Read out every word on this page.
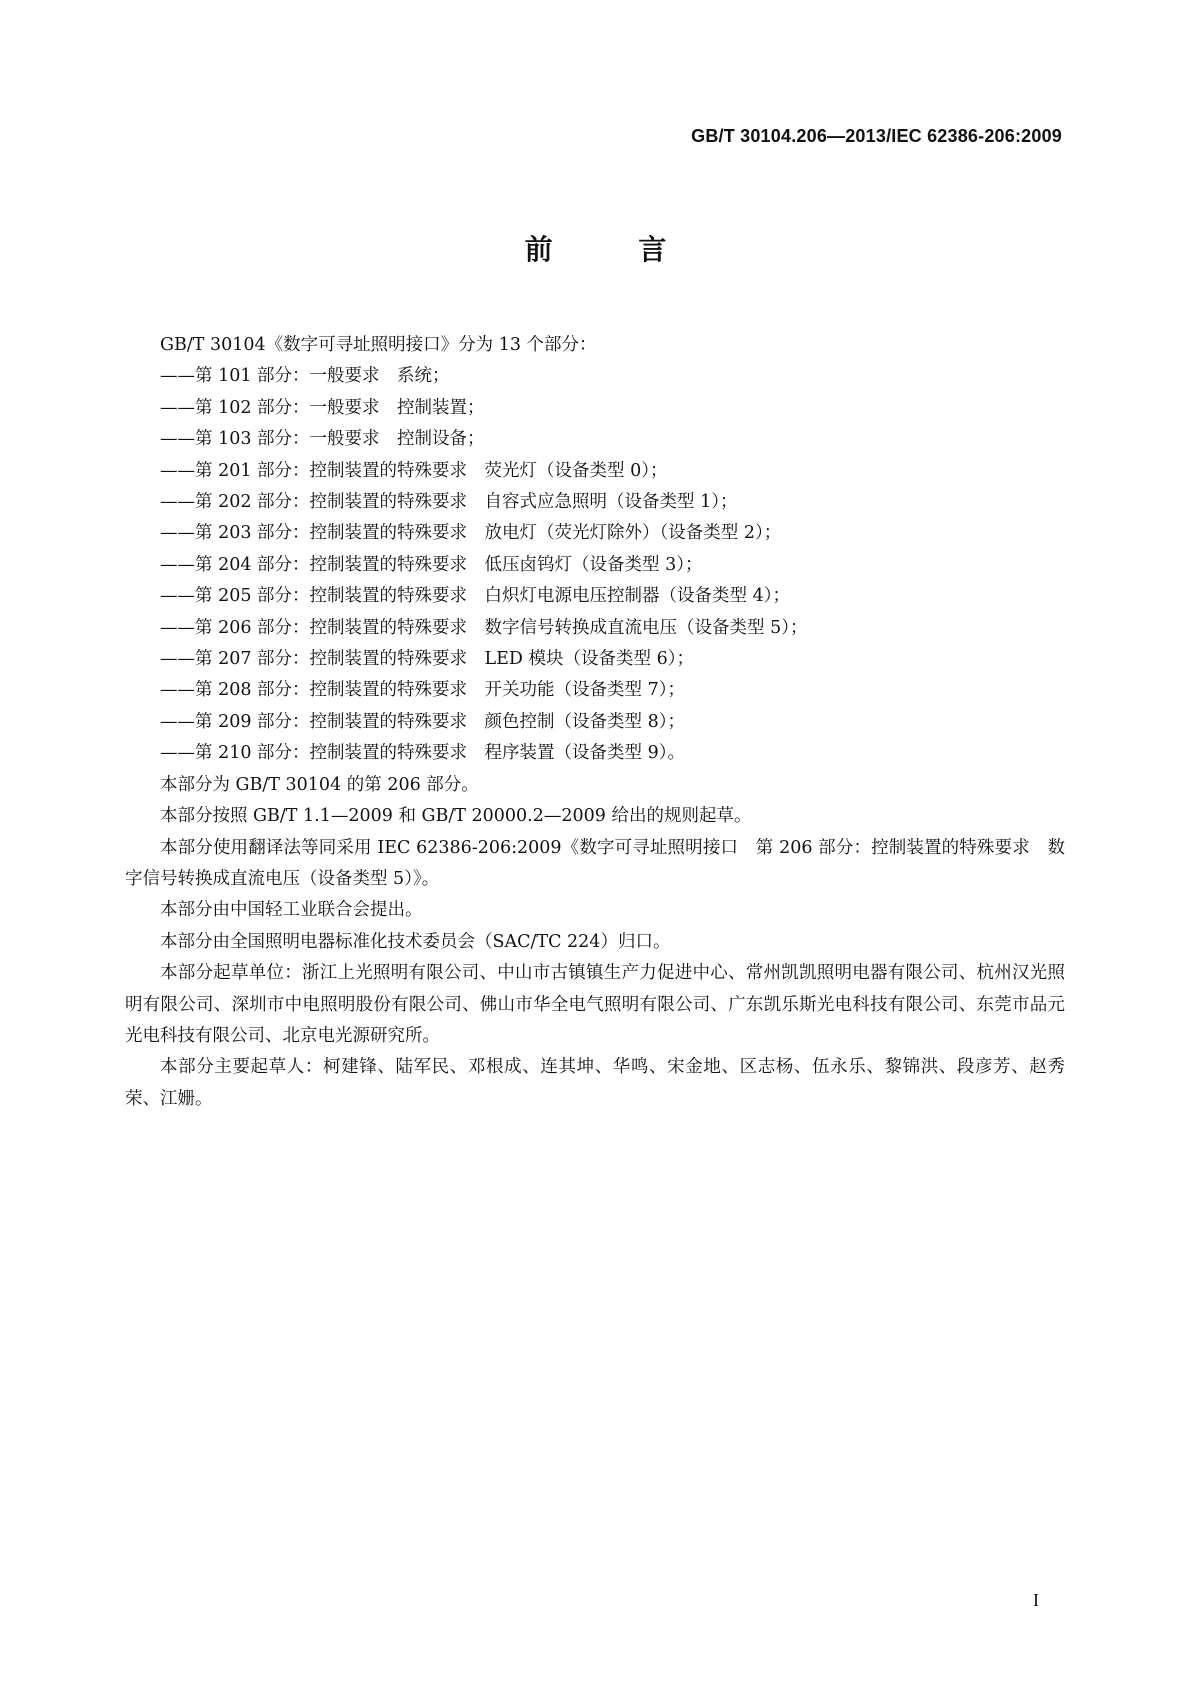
GB/T 30104.206—2013/IEC 62386-206:2009
前 言

GB/T 30104《数字可寻址照明接口》分为 13 个部分：

——第 101 部分：一般要求　系统；
——第 102 部分：一般要求　控制装置；
——第 103 部分：一般要求　控制设备；
——第 201 部分：控制装置的特殊要求　荧光灯（设备类型 0）；
——第 202 部分：控制装置的特殊要求　自容式应急照明（设备类型 1）；
——第 203 部分：控制装置的特殊要求　放电灯（荧光灯除外）（设备类型 2）；
——第 204 部分：控制装置的特殊要求　低压卤钨灯（设备类型 3）；
——第 205 部分：控制装置的特殊要求　白炽灯电源电压控制器（设备类型 4）；
——第 206 部分：控制装置的特殊要求　数字信号转换成直流电压（设备类型 5）；
——第 207 部分：控制装置的特殊要求　LED 模块（设备类型 6）；
——第 208 部分：控制装置的特殊要求　开关功能（设备类型 7）；
——第 209 部分：控制装置的特殊要求　颜色控制（设备类型 8）；
——第 210 部分：控制装置的特殊要求　程序装置（设备类型 9）。

本部分为 GB/T 30104 的第 206 部分。

本部分按照 GB/T 1.1—2009 和 GB/T 20000.2—2009 给出的规则起草。

本部分使用翻译法等同采用 IEC 62386-206:2009《数字可寻址照明接口　第 206 部分：控制装置的特殊要求　数字信号转换成直流电压（设备类型 5）》。

本部分由中国轻工业联合会提出。

本部分由全国照明电器标准化技术委员会（SAC/TC 224）归口。

本部分起草单位：浙江上光照明有限公司、中山市古镇镇生产力促进中心、常州凯凯照明电器有限公司、杭州汉光照明有限公司、深圳市中电照明股份有限公司、佛山市华全电气照明有限公司、广东凯乐斯光电科技有限公司、东莞市品元光电科技有限公司、北京电光源研究所。

本部分主要起草人：柯建锋、陆军民、邓根成、连其坤、华鸣、宋金地、区志杨、伍永乐、黎锦洪、段彦芳、赵秀荣、江姗。

I
